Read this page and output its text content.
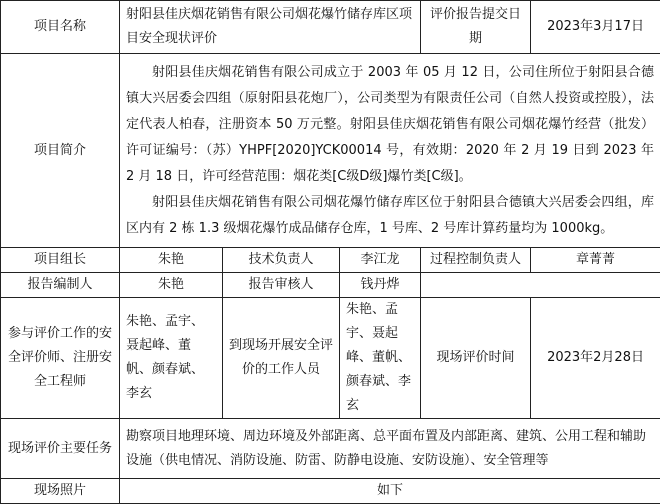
项目名称	射阳县佳庆烟花销售有限公司烟花爆竹储存库区项目安全现状评价			评价报告提交日期	2023年3月17日
项目简介	射阳县佳庆烟花销售有限公司成立于 2003 年 05 月 12 日，公司住所位于射阳县合德镇大兴居委会四组（原射阳县花炮厂），公司类型为有限责任公司（自然人投资或控股），法定代表人柏春，注册资本 50 万元整。射阳县佳庆烟花销售有限公司烟花爆竹经营（批发）许可证编号：（苏）YHPF[2020]YCK00014 号，有效期：2020 年 2 月 19 日到 2023 年 2 月 18 日，许可经营范围：烟花类[C级D级]爆竹类[C级]。

射阳县佳庆烟花销售有限公司烟花爆竹储存库区位于射阳县合德镇大兴居委会四组，库区内有 2 栋 1.3 级烟花爆竹成品储存仓库，1 号库、2 号库计算药量均为 1000kg。				

项目组长	朱艳	技术负责人	李江龙	过程控制负责人	章菁菁
报告编制人	朱艳	报告审核人	钱丹烨		
参与评价工作的安全评价师、注册安全工程师	朱艳、孟宇、聂起峰、董帆、颜春斌、李玄	到现场开展安全评价的工作人员	朱艳、孟宇、聂起峰、董帆、颜春斌、李玄	现场评价时间	2023年2月28日
现场评价主要任务	勘察项目地理环境、周边环境及外部距离、总平面布置及内部距离、建筑、公用工程和辅助设施（供电情况、消防设施、防雷、防静电设施、安防设施）、安全管理等				
现场照片	如下				
